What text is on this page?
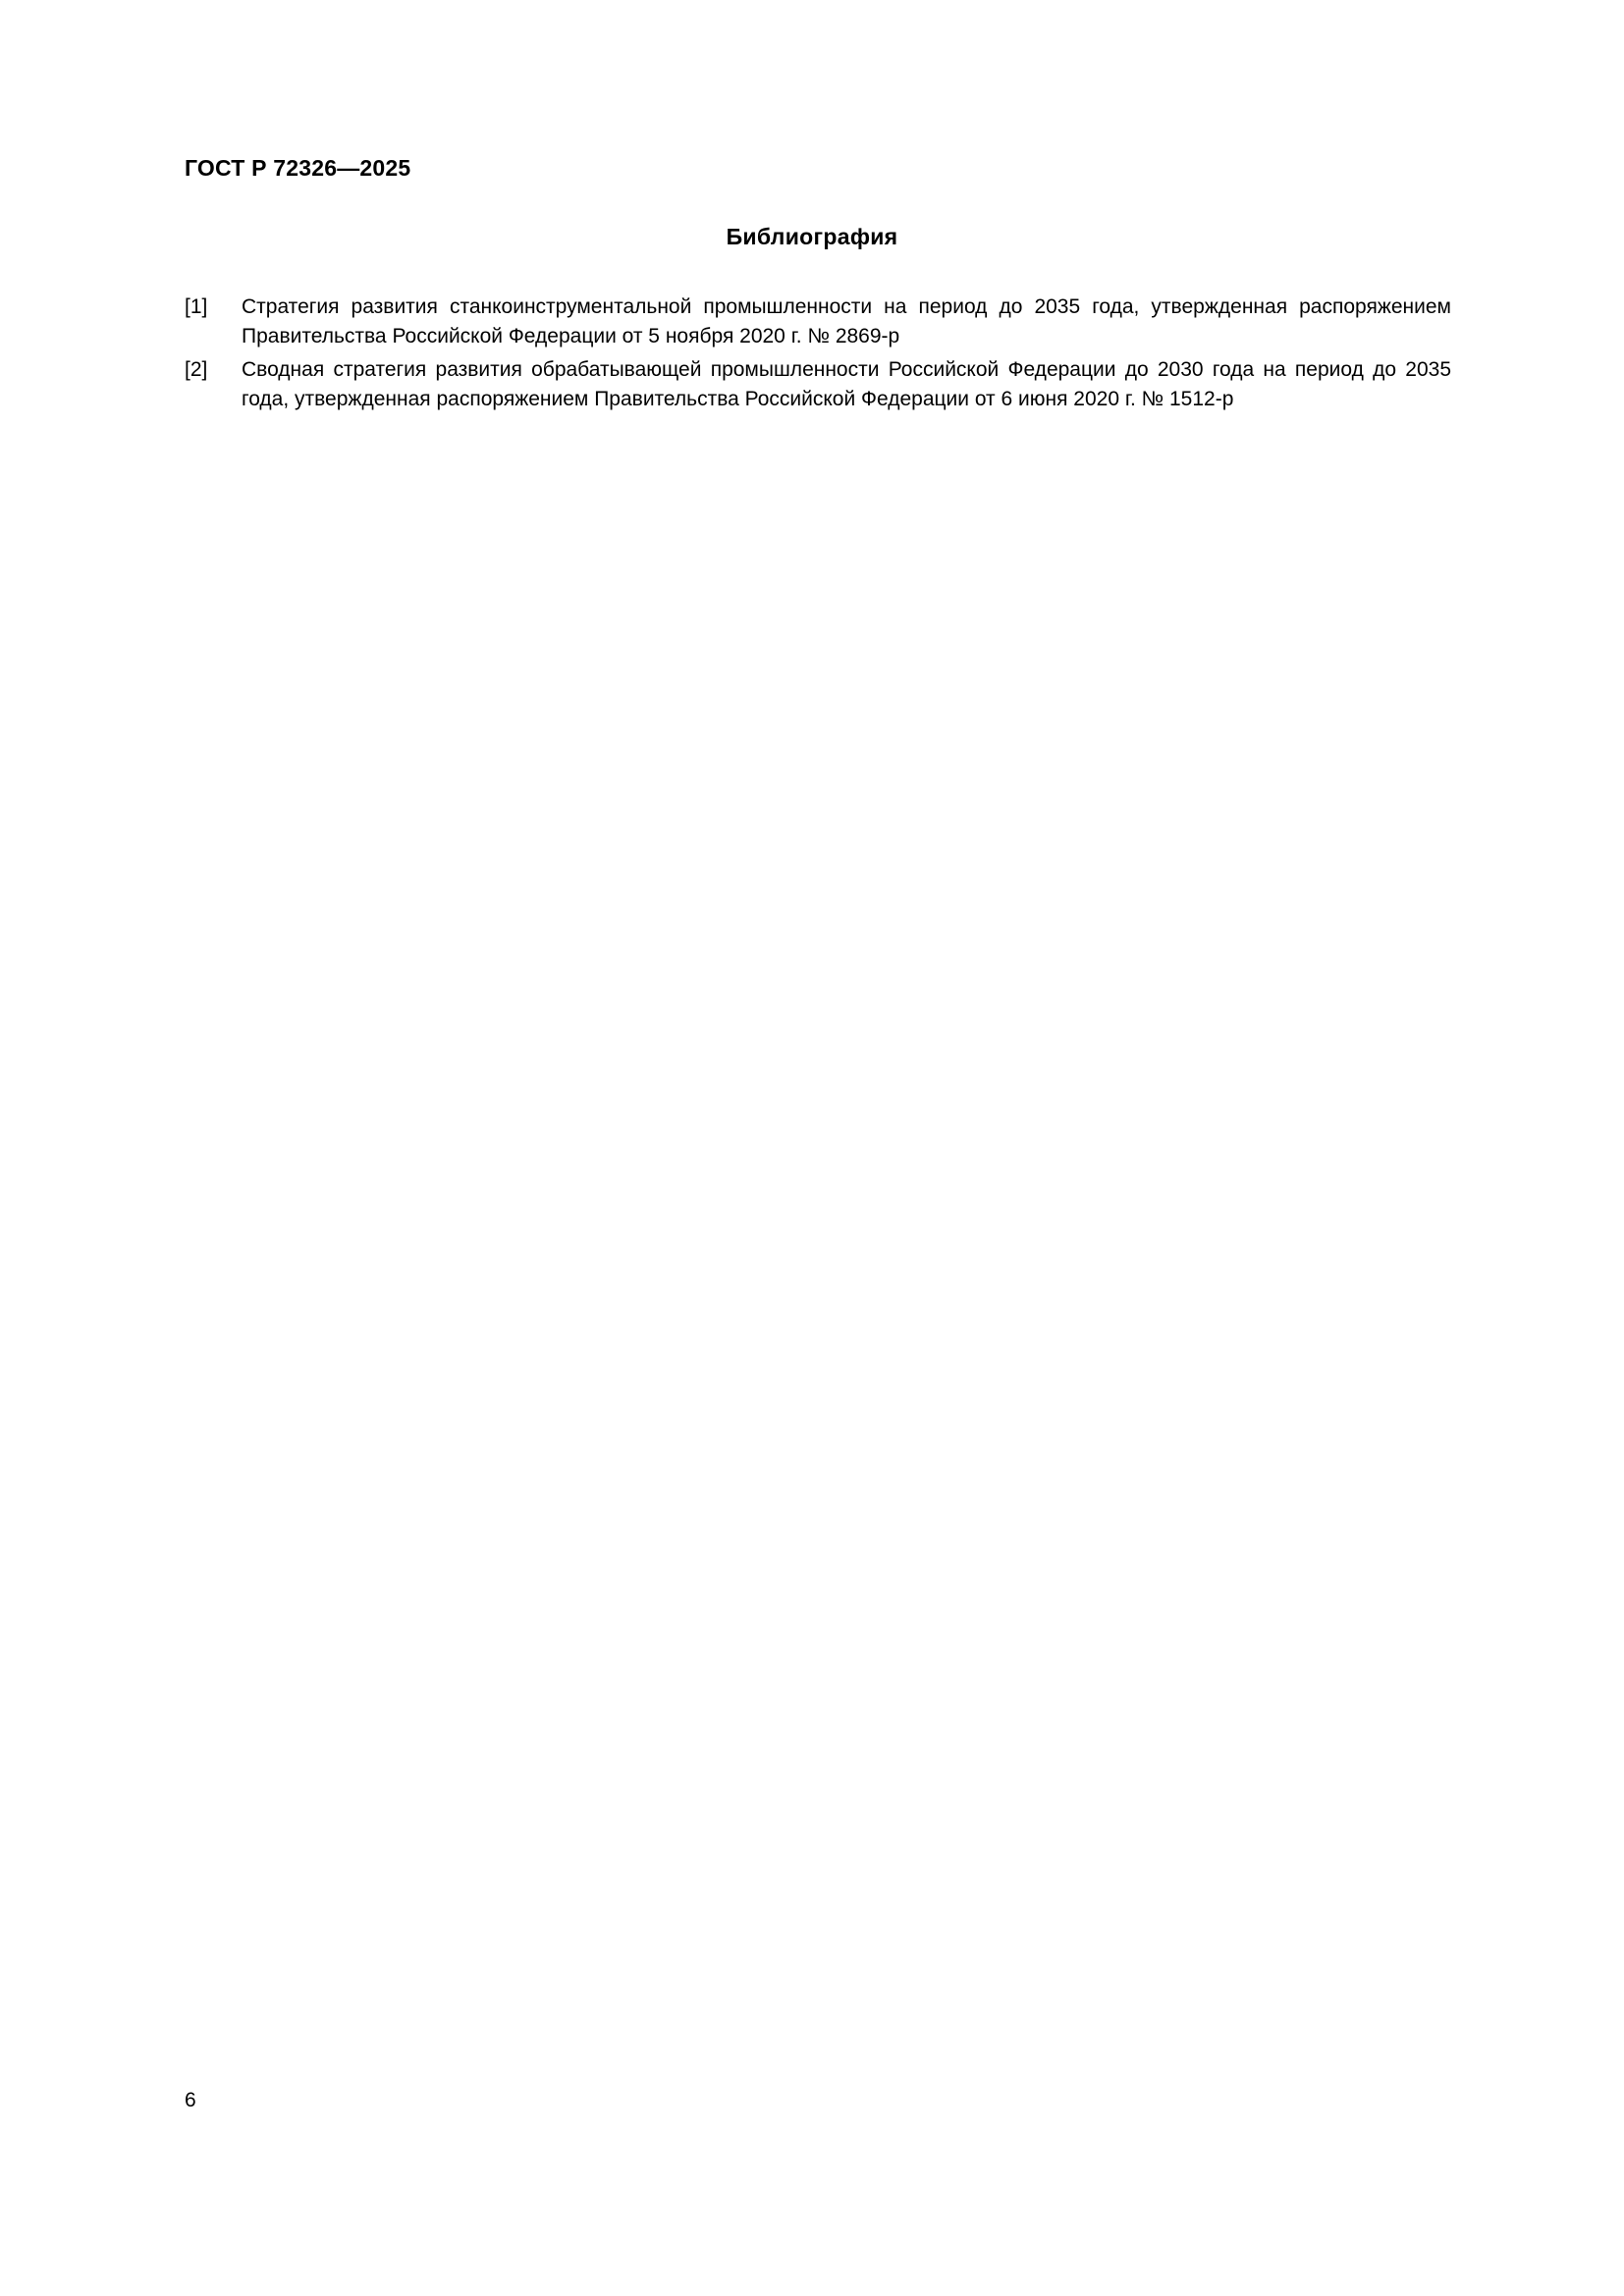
ГОСТ Р 72326—2025
Библиография
[1]	Стратегия развития станкоинструментальной промышленности на период до 2035 года, утвержденная распоряжением Правительства Российской Федерации от 5 ноября 2020 г. № 2869-р
[2]	Сводная стратегия развития обрабатывающей промышленности Российской Федерации до 2030 года на период до 2035 года, утвержденная распоряжением Правительства Российской Федерации от 6 июня 2020 г. № 1512-р
6
